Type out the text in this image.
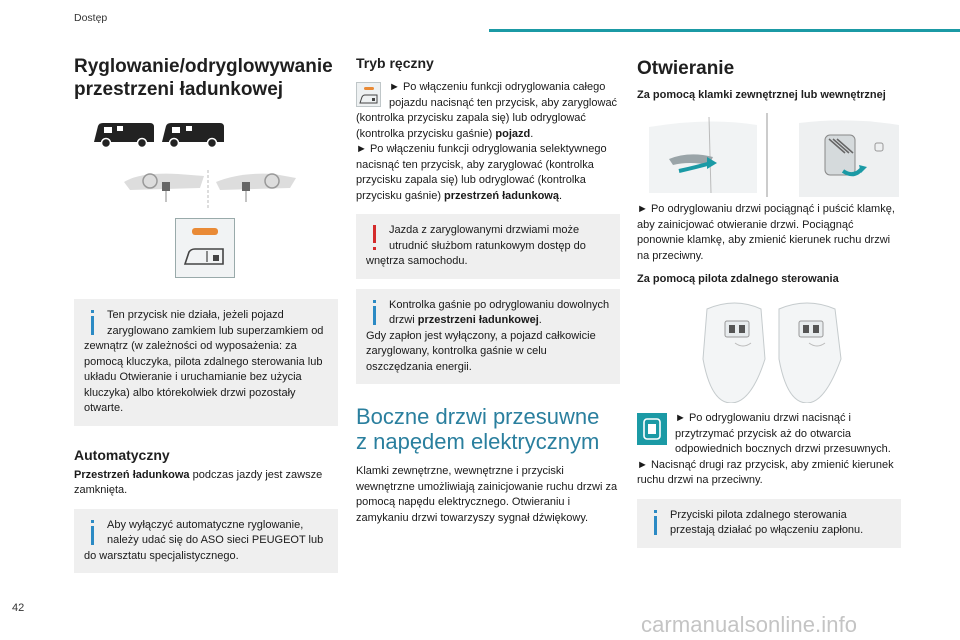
Dostęp
Ryglowanie/odryglowywanie
przestrzeni ładunkowej
Ten przycisk nie działa, jeżeli pojazd zaryglowano zamkiem lub superzamkiem od zewnątrz (w zależności od wyposażenia: za pomocą kluczyka, pilota zdalnego sterowania lub układu Otwieranie i uruchamianie bez użycia kluczyka) albo którekolwiek drzwi pozostały otwarte.
Automatyczny

Przestrzeń ładunkowa podczas jazdy jest zawsze zamknięta.

Aby wyłączyć automatyczne ryglowanie, należy udać się do ASO sieci PEUGEOT lub do warsztatu specjalistycznego.
Tryb ręczny

► Po włączeniu funkcji odryglowania całego pojazdu nacisnąć ten przycisk, aby zaryglować (kontrolka przycisku zapala się) lub odryglować (kontrolka przycisku gaśnie) pojazd.

► Po włączeniu funkcji odryglowania selektywnego nacisnąć ten przycisk, aby zaryglować (kontrolka przycisku zapala się) lub odryglować (kontrolka przycisku gaśnie) przestrzeń ładunkową.

Jazda z zaryglowanymi drzwiami może utrudnić służbom ratunkowym dostęp do wnętrza samochodu.
Kontrolka gaśnie po odryglowaniu dowolnych drzwi przestrzeni ładunkowej.
Gdy zapłon jest wyłączony, a pojazd całkowicie zaryglowany, kontrolka gaśnie w celu oszczędzania energii.
Boczne drzwi przesuwne
z napędem elektrycznym

Klamki zewnętrzne, wewnętrzne i przyciski wewnętrzne umożliwiają zainicjowanie ruchu drzwi za pomocą napędu elektrycznego. Otwieraniu i zamykaniu drzwi towarzyszy sygnał dźwiękowy.

Otwieranie

Za pomocą klamki zewnętrznej lub wewnętrznej

► Po odryglowaniu drzwi pociągnąć i puścić klamkę, aby zainicjować otwieranie drzwi. Pociągnąć ponownie klamkę, aby zmienić kierunek ruchu drzwi na przeciwny.

Za pomocą pilota zdalnego sterowania

► Po odryglowaniu drzwi nacisnąć i przytrzymać przycisk aż do otwarcia odpowiednich bocznych drzwi przesuwnych.

► Nacisnąć drugi raz przycisk, aby zmienić kierunek ruchu drzwi na przeciwny.

Przyciski pilota zdalnego sterowania przestają działać po włączeniu zapłonu.
42
carmanualsonline.info
